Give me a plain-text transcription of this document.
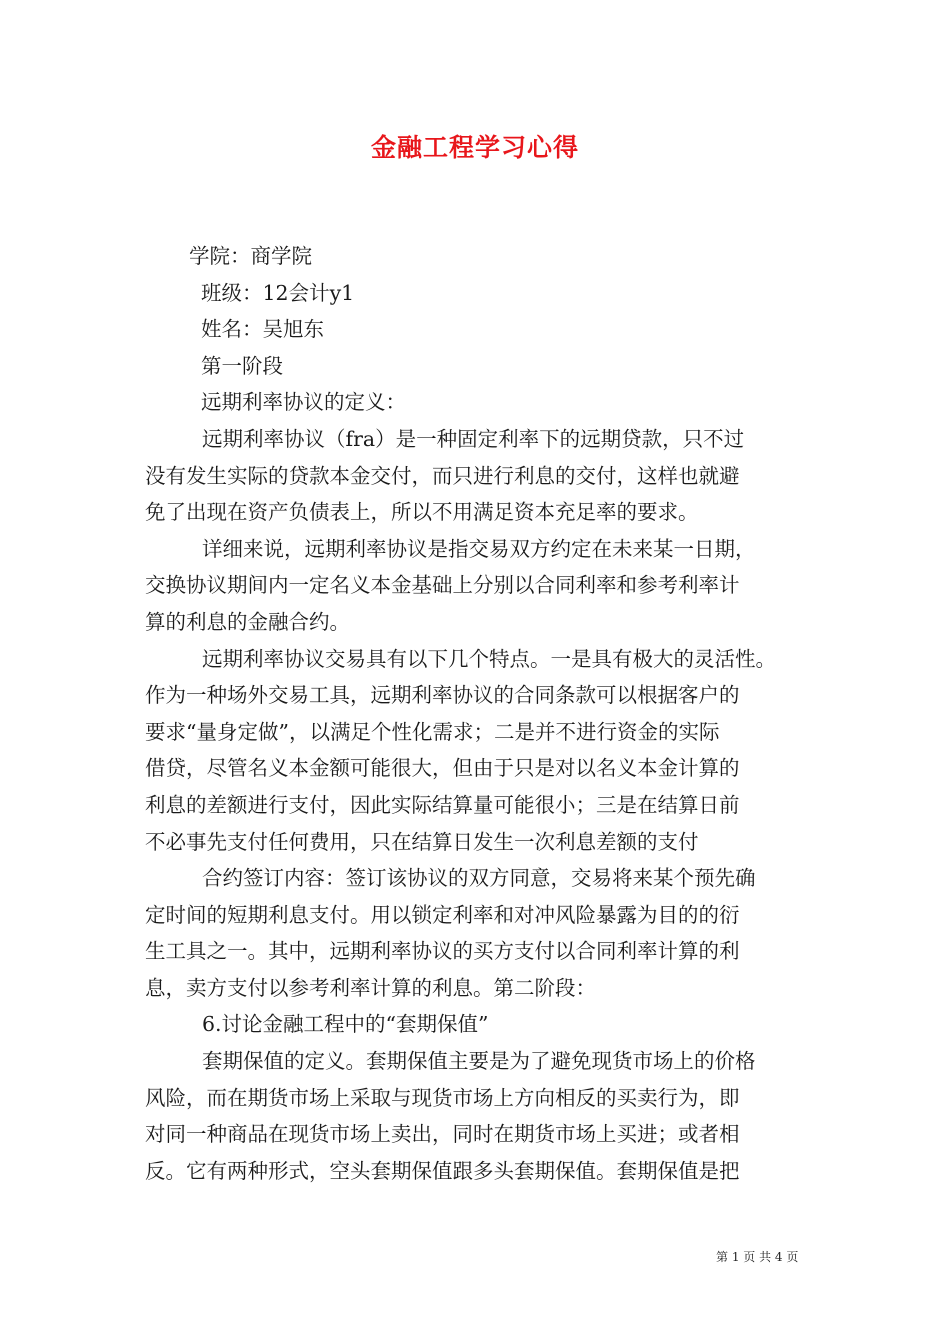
金融工程学习心得
学院：商学院
班级：12会计y1
姓名：吴旭东
第一阶段
远期利率协议的定义：
远期利率协议（fra）是一种固定利率下的远期贷款，只不过
没有发生实际的贷款本金交付，而只进行利息的交付，这样也就避
免了出现在资产负债表上，所以不用满足资本充足率的要求。
详细来说，远期利率协议是指交易双方约定在未来某一日期，
交换协议期间内一定名义本金基础上分别以合同利率和参考利率计
算的利息的金融合约。
远期利率协议交易具有以下几个特点。一是具有极大的灵活性。
作为一种场外交易工具，远期利率协议的合同条款可以根据客户的
要求“量身定做”，以满足个性化需求；二是并不进行资金的实际
借贷，尽管名义本金额可能很大，但由于只是对以名义本金计算的
利息的差额进行支付，因此实际结算量可能很小；三是在结算日前
不必事先支付任何费用，只在结算日发生一次利息差额的支付
合约签订内容：签订该协议的双方同意，交易将来某个预先确
定时间的短期利息支付。用以锁定利率和对冲风险暴露为目的的衍
生工具之一。其中，远期利率协议的买方支付以合同利率计算的利
息，卖方支付以参考利率计算的利息。第二阶段：
6.讨论金融工程中的“套期保值”
套期保值的定义。套期保值主要是为了避免现货市场上的价格
风险，而在期货市场上采取与现货市场上方向相反的买卖行为，即
对同一种商品在现货市场上卖出，同时在期货市场上买进；或者相
反。它有两种形式，空头套期保值跟多头套期保值。套期保值是把
第 1 页 共 4 页
